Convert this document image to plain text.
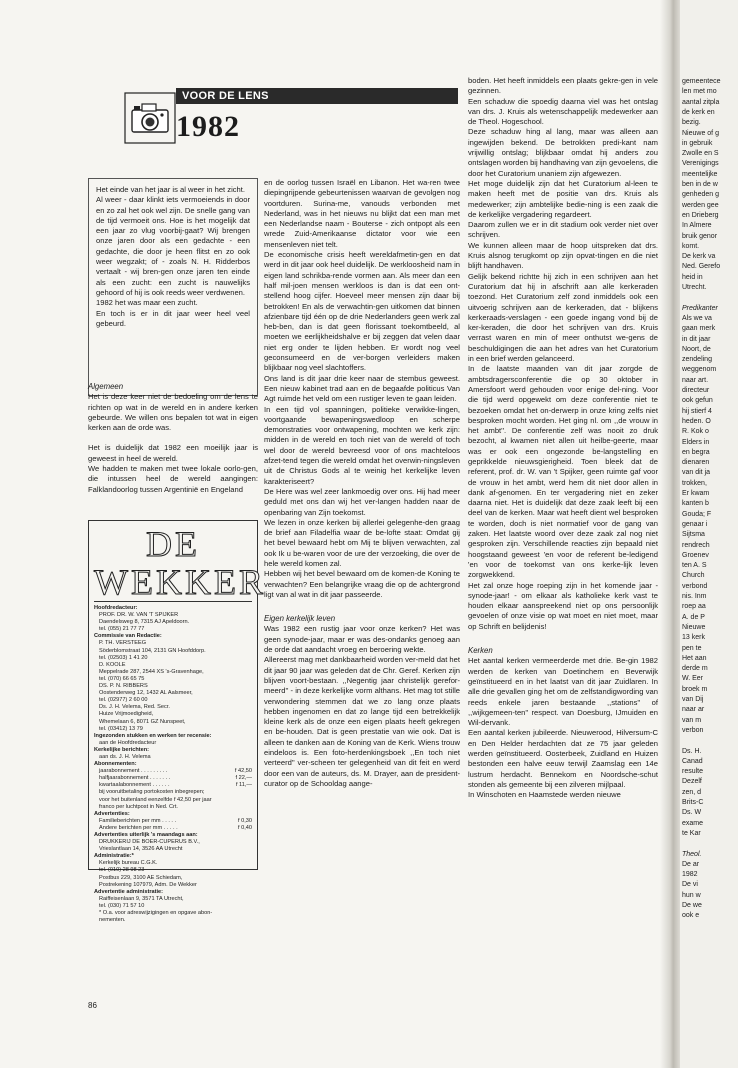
VOOR DE LENS
1982

Het einde van het jaar is al weer in het zicht.

Al weer - daar klinkt iets vermoeiends in door en zo zal het ook wel zijn. De snelle gang van de tijd vermoeit ons. Hoe is het mogelijk dat een jaar zo vlug voorbij-gaat? Wij brengen onze jaren door als een gedachte - een gedachte, die door je heen flitst en zo ook weer wegzakt; of - zoals N. H. Ridderbos vertaalt - wij bren-gen onze jaren ten einde als een zucht: een zucht is nauwelijks gehoord of hij is ook reeds weer verdwenen.

1982 het was maar een zucht.

En toch is er in dit jaar weer heel veel gebeurd.

Algemeen

Het is deze keer niet de bedoeling om de lens te richten op wat in de wereld en in andere kerken gebeurde. We willen ons bepalen tot wat in eigen kerken aan de orde was.

Het is duidelijk dat 1982 een moeilijk jaar is geweest in heel de wereld.

We hadden te maken met twee lokale oorlo-gen, die intussen heel de wereld aangingen: Falklandoorlog tussen Argentinië en Engeland

DE WEKKER
Hoofdredacteur:
PROF. DR. W. VAN 'T SPIJKER
Daendelsweg 8, 7315 AJ Apeldoorn.
tel. (055) 21 77 77
Commissie van Redactie:
P. TH. VERSTEEG
Söderblomstraat 104, 2131 GN Hoofddorp.
tel. (02503) 1 41 20
D. KOOLE
Meppelrade 287, 2544 XS 's-Gravenhage,
tel. (070) 66 65 75
DS. P. N. RIBBERS
Oostenderweg 12, 1432 AL Aalsmeer,
tel. (02977) 2 60 00
Ds. J. H. Velema, Red. Secr.
Huize Vrijmoedigheid,
Whemelaan 6, 8071 GZ Nunspeet,
tel. (03412) 13 79
Ingezonden stukken en werken ter recensie:
aan de Hoofdredacteur
Kerkelijke berichten:
aan ds. J. H. Velema
Abonnementen:
jaarabonnement . . . . . . . . .	f 42,50
halfjaarabonnement . . . . . . .	f 22,—
kwartaalabonnement . . . . . .	f 11,—
bij vooruitbetaling portokosten inbegrepen;
voor het buitenland eenzelfde f 42,50 per jaar
franco per luchtpost in Ned. Crt.
Advertenties:
Familieberichten per mm . . . . .	f 0,30
Andere berichten per mm . . . . .	f 0,40
Advertenties uiterlijk 's maandags aan:
DRUKKERIJ DE BOER-CUPERUS B.V.,
Vrieslantlaan 14, 3526 AA Utrecht
Administratie:*
Kerkelijk bureau C.G.K.
tel. (010) 28 98 23
Postbus 229, 3100 AE Schiedam,
Postrekening 107979, Adm. De Wekker
Advertentie administratie:
Raiffeisenlaan 9, 3571 TA Utrecht,
tel. (030) 71 57 10
* O.a. voor adreswijzigingen en opgave abon-
nementen.

en de oorlog tussen Israël en Libanon. Het wa-ren twee diepingrijpende gebeurtenissen waarvan de gevolgen nog voortduren. Surina-me, vanouds verbonden met Nederland, was in het nieuws nu blijkt dat een man met een Nederlandse naam - Bouterse - zich ontpopt als een wrede Zuid-Amerikaanse dictator voor wie een mensenleven niet telt.

De economische crisis heeft wereldafmetin-gen en dat werd in dit jaar ook heel duidelijk. De werkloosheid nam in eigen land schrikba-rende vormen aan. Als meer dan een half mil-joen mensen werkloos is dan is dat een ont-stellend hoog cijfer. Hoeveel meer mensen zijn daar bij betrokken! En als de verwachtin-gen uitkomen dat binnen afzienbare tijd één op de drie Nederlanders geen werk zal heb-ben, dan is dat geen florissant toekomtbeeld, al moeten we eerlijkheidshalve er bij zeggen dat velen daar niet erg onder te lijden hebben. Er wordt nog veel geconsumeerd en de ver-borgen verleiders maken blijkbaar nog veel slachtoffers.

Ons land is dit jaar drie keer naar de stembus geweest. Een nieuw kabinet trad aan en de begaafde politicus Van Agt ruimde het veld om een rustiger leven te gaan leiden.

In een tijd vol spanningen, politieke verwikke-lingen, voortgaande bewapeningswedloop en scherpe demonstraties voor ontwapening, mochten we kerk zijn: midden in de wereld en toch niet van de wereld of toch wel door de wereld bevreesd voor of ons machteloos afzet-tend tegen die wereld omdat het overwin-ningsleven uit de Christus Gods al te weinig het kerkelijke leven karakteriseert?

De Here was wel zeer lankmoedig over ons. Hij had meer geduld met ons dan wij het ver-langen hadden naar de openbaring van Zijn toekomst.

We lezen in onze kerken bij allerlei gelegenhe-den graag de brief aan Filadelfia waar de be-lofte staat: Omdat gij het bevel bewaard hebt om Mij te blijven verwachten, zal ook Ik u be-waren voor de ure der verzoeking, die over de hele wereld komen zal.

Hebben wij het bevel bewaard om de komen-de Koning te verwachten? Een belangrijke vraag die op de achtergrond ligt van al wat in dit jaar passeerde.

Eigen kerkelijk leven

Was 1982 een rustig jaar voor onze kerken? Het was geen synode-jaar, maar er was des-ondanks genoeg aan de orde dat aandacht vroeg en beroering wekte.

Allereerst mag met dankbaarheid worden ver-meld dat het dit jaar 90 jaar was geleden dat de Chr. Geref. Kerken zijn blijven voort-bestaan. ,,Negentig jaar christelijk gerefor-meerd'' - in deze kerkelijke vorm althans. Het mag tot stille verwondering stemmen dat we zo lang onze plaats hebben ingenomen en dat zo lange tijd een betrekkelijk kleine kerk als de onze een eigen plaats heeft gekregen en be-houden. Dat is geen prestatie van wie ook. Dat is alleen te danken aan de Koning van de Kerk. Wiens trouw eindeloos is. Een foto-herdenkingsboek ,,En toch niet verteerd'' ver-scheen ter gelegenheid van dit feit en werd door een van de auteurs, ds. M. Drayer, aan de president-curator op de Schooldag aange-

boden. Het heeft inmiddels een plaats gekre-gen in vele gezinnen.

Een schaduw die spoedig daarna viel was het ontslag van drs. J. Kruis als wetenschappelijk medewerker aan de Theol. Hogeschool.

Deze schaduw hing al lang, maar was alleen aan ingewijden bekend. De betrokken predi-kant nam vrijwillig ontslag; blijkbaar omdat hij anders zou ontslagen worden bij handhaving van zijn gevoelens, die door het Curatorium unaniem zijn afgewezen.

Het moge duidelijk zijn dat het Curatorium al-leen te maken heeft met de positie van drs. Kruis als medewerker; zijn ambtelijke bedie-ning is een zaak die de kerkelijke vergadering regardeert.

Daarom zullen we er in dit stadium ook verder niet over schrijven.

We kunnen alleen maar de hoop uitspreken dat drs. Kruis alsnog terugkomt op zijn opvat-tingen en die niet blijft handhaven.

Gelijk bekend richtte hij zich in een schrijven aan het Curatorium dat hij in afschrift aan alle kerkeraden toezond. Het Curatorium zelf zond inmiddels ook een uitvoerig schrijven aan de kerkeraden, dat - blijkens kerkeraads-verslagen - een goede ingang vond bij de ker-keraden, die door het schrijven van drs. Kruis verrast waren en min of meer onthutst we-gens de beschuldigingen die aan het adres van het Curatorium in een brief werden gelanceerd.

In de laatste maanden van dit jaar zorgde de ambtsdragersconferentie die op 30 oktober in Amersfoort werd gehouden voor enige del-ning. Voor die tijd werd opgewekt om deze conferentie niet te bezoeken omdat het on-derwerp in onze kring zelfs niet besproken mocht worden. Het ging nl. om ,,de vrouw in het ambt''. De conferentie zelf was nooit zo druk bezocht, al kwamen niet allen uit heilbe-geerte, maar was er ook een ongezonde be-langstelling en geprikkelde nieuwsgierigheid. Toen bleek dat de referent, prof. dr. W. van 't Spijker, geen ruimte gaf voor de vrouw in het ambt, werd hem dit niet door allen in dank af-genomen. En ter vergadering niet en zeker daarna niet. Het is duidelijk dat deze zaak leeft bij een deel van de kerken. Maar wat heeft dient wel besproken te worden, doch is niet normatief voor de gang van zaken. Het laatste woord over deze zaak zal nog niet gesproken zijn. Verschillende reacties zijn bepaald niet hoogstaand geweest 'en voor de referent be-ledigend 'en voor de toekomst van ons kerke-lijk leven zorgwekkend.

Het zal onze hoge roeping zijn in het komende jaar - synode-jaar! - om elkaar als katholieke kerk vast te houden elkaar aanspreekend niet op ons persoonlijk gevoelen of onze visie op wat moet en niet moet, maar op Schrift en belijdenis!

Kerken

Het aantal kerken vermeerderde met drie. Be-gin 1982 werden de kerken van Doetinchem en Beverwijk geïnstitueerd en in het laatst van dit jaar Zuidlaren. In alle drie gevallen ging het om de zelfstandigwording van reeds enkele jaren bestaande ,,stations'' of ,,wijkgemeen-ten'' respect. van Doesburg, IJmuiden en Wil-dervank.

Een aantal kerken jubileerde. Nieuwerood, Hilversum-C en Den Helder herdachten dat ze 75 jaar geleden werden geïnstitueerd. Oosterbeek, Zuidland en Huizen bestonden een halve eeuw terwijl Zaamslag een 14e lustrum herdacht. Bennekom en Noordsche-schut stonden als gemeente bij een zilveren mijlpaal.

In Winschoten en Haamstede werden nieuwe

86
gemeentece
len met mo
aantal zitpla
de kerk en
bezig.
Nieuwe of g
in gebruik
Zwolle en S
Verenigings
meentelijke
ben in de w
genheden g
werden gee
en Drieberg
In Almere
bruik genor
komt.
De kerk va
Ned. Gerefo
heid in
Utrecht.
Predikanter
Als we va
gaan merk
in dit jaar
Noort, de
zendeling
weggenom
naar art.
directeur
ook gefun
hij stierf 4
heden. O
R. Kok o
Elders in
en begra
dienaren
van dit ja
trokken,
Er kwam
kanten b
Gouda; F
genaar i
Sijtsma
rendrech
Groenev
ten A. S
Church
verbond
nis. Inm
roep aa
A. de P
Nieuwe
13 kerk
pen te
Het aan
derde m
W. Eer
broek m
van Dij
naar ar
van m
verbon
Ds. H.
Canad
resulte
Dezelf
zen, d
Brits-C
Ds. W
exame
te Kar
Theol.
De ar
1982
De vi
hun w
De we
ook e
